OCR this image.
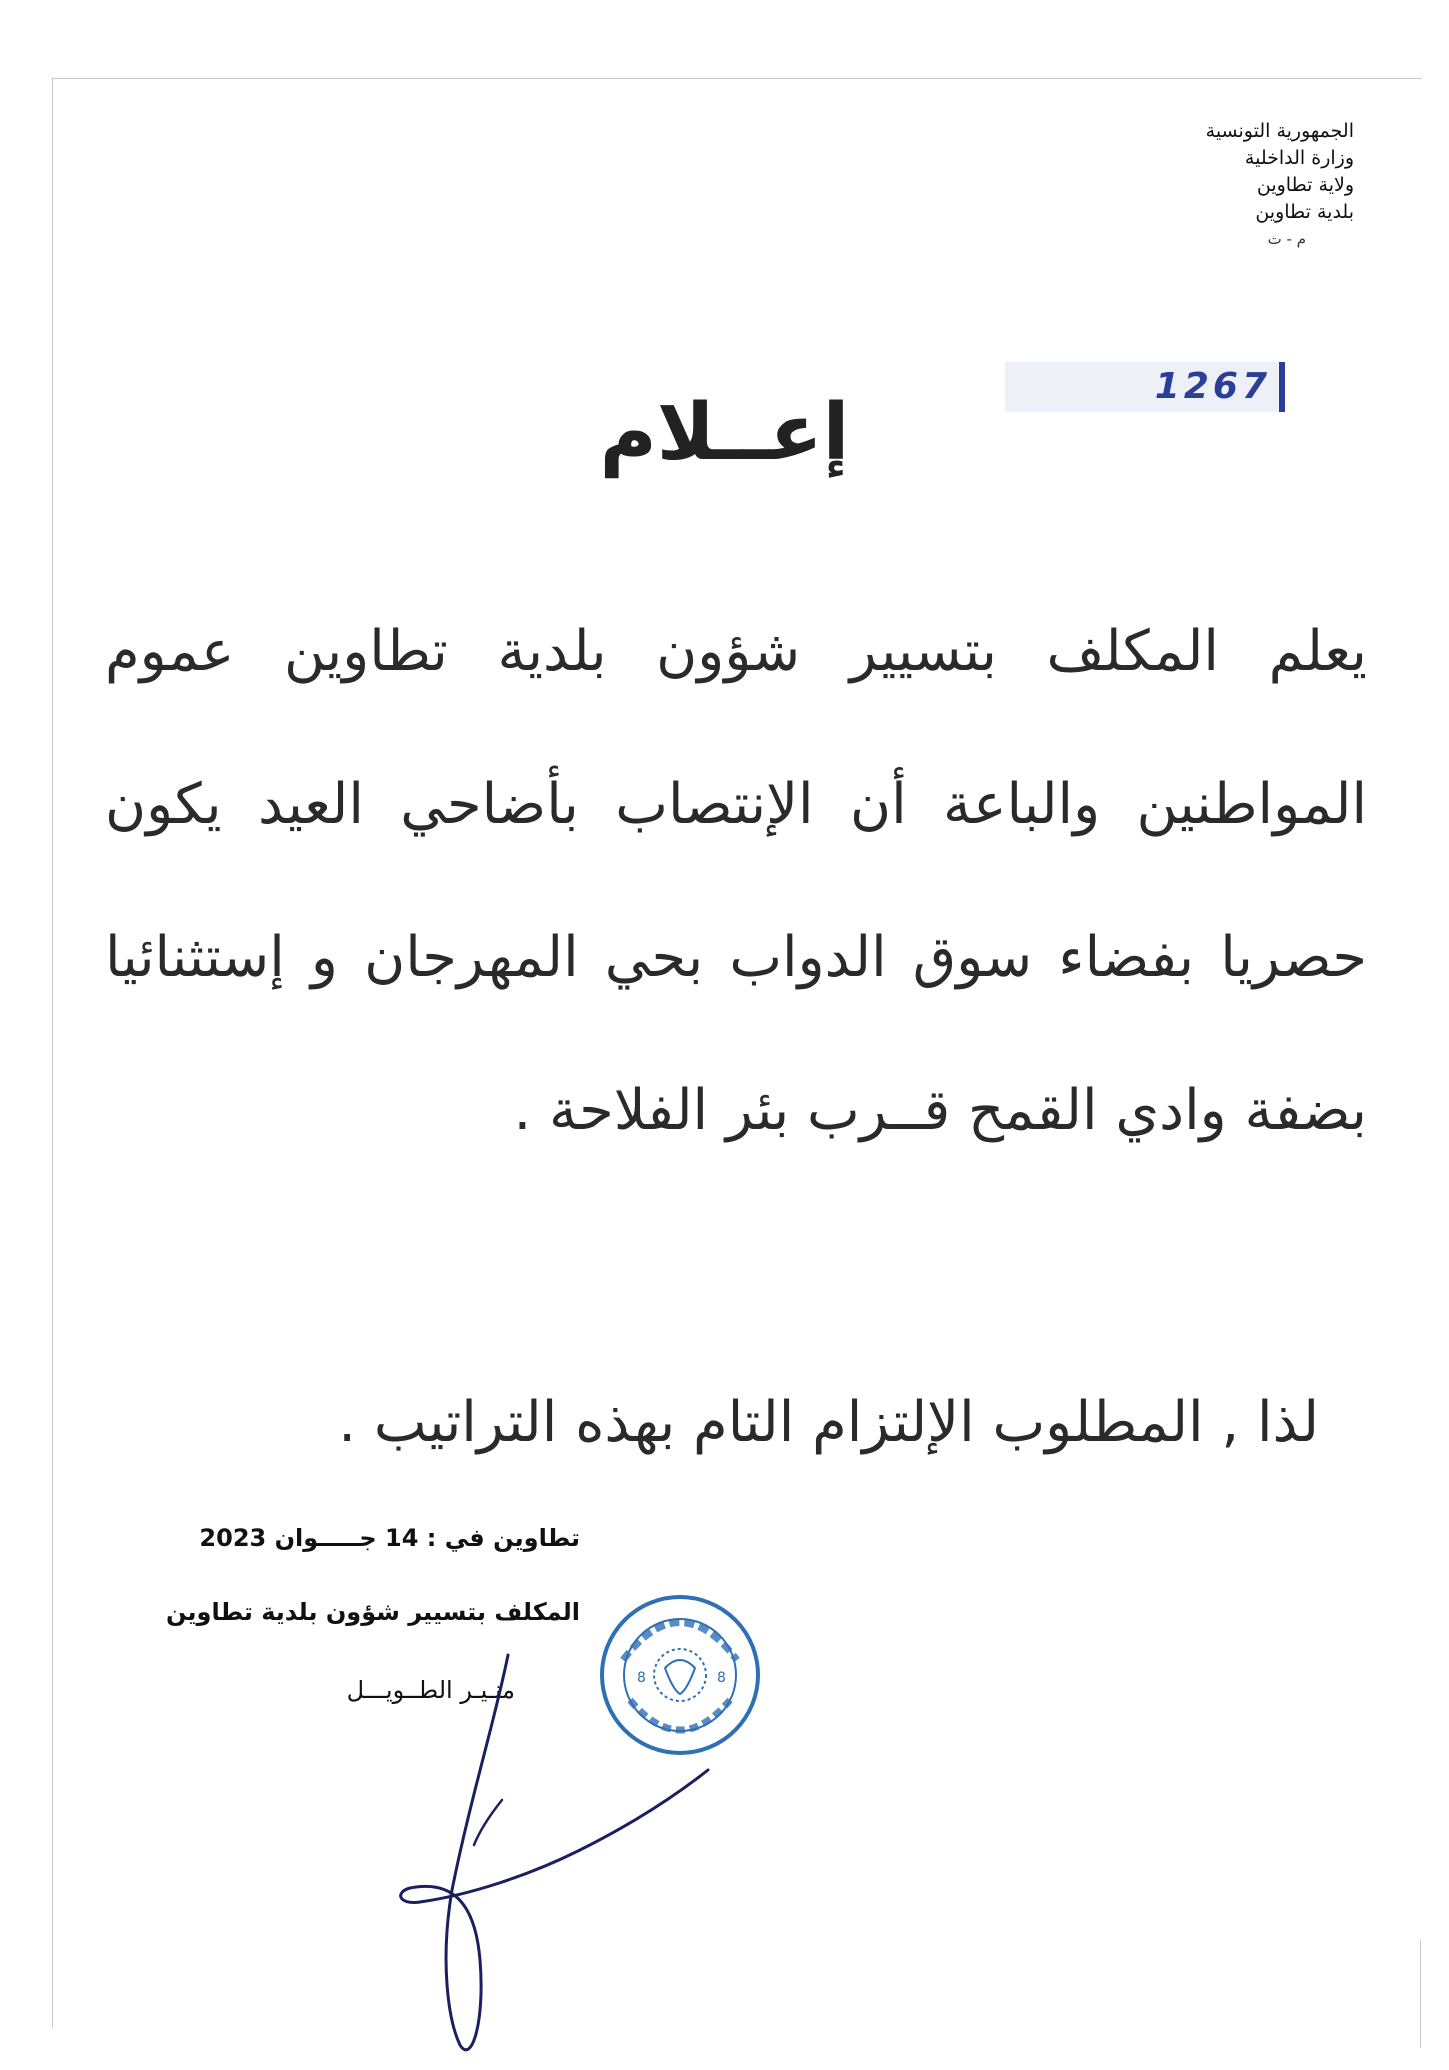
الجمهورية التونسية
وزارة الداخلية
ولاية تطاوين
بلدية تطاوين
م - ت
1267
إعــلام
يعلم المكلف بتسيير شؤون بلدية تطاوين عموم المواطنين والباعة أن الإنتصاب بأضاحي العيد يكون حصريا بفضاء سوق الدواب بحي المهرجان و إستثنائيا بضفة وادي القمح قــرب بئر الفلاحة .
لذا , المطلوب الإلتزام التام بهذه التراتيب .
تطاوين في : 14 جـــــوان 2023
المكلف بتسيير شؤون بلدية تطاوين
منـيـر الطــويـــل	8	8
